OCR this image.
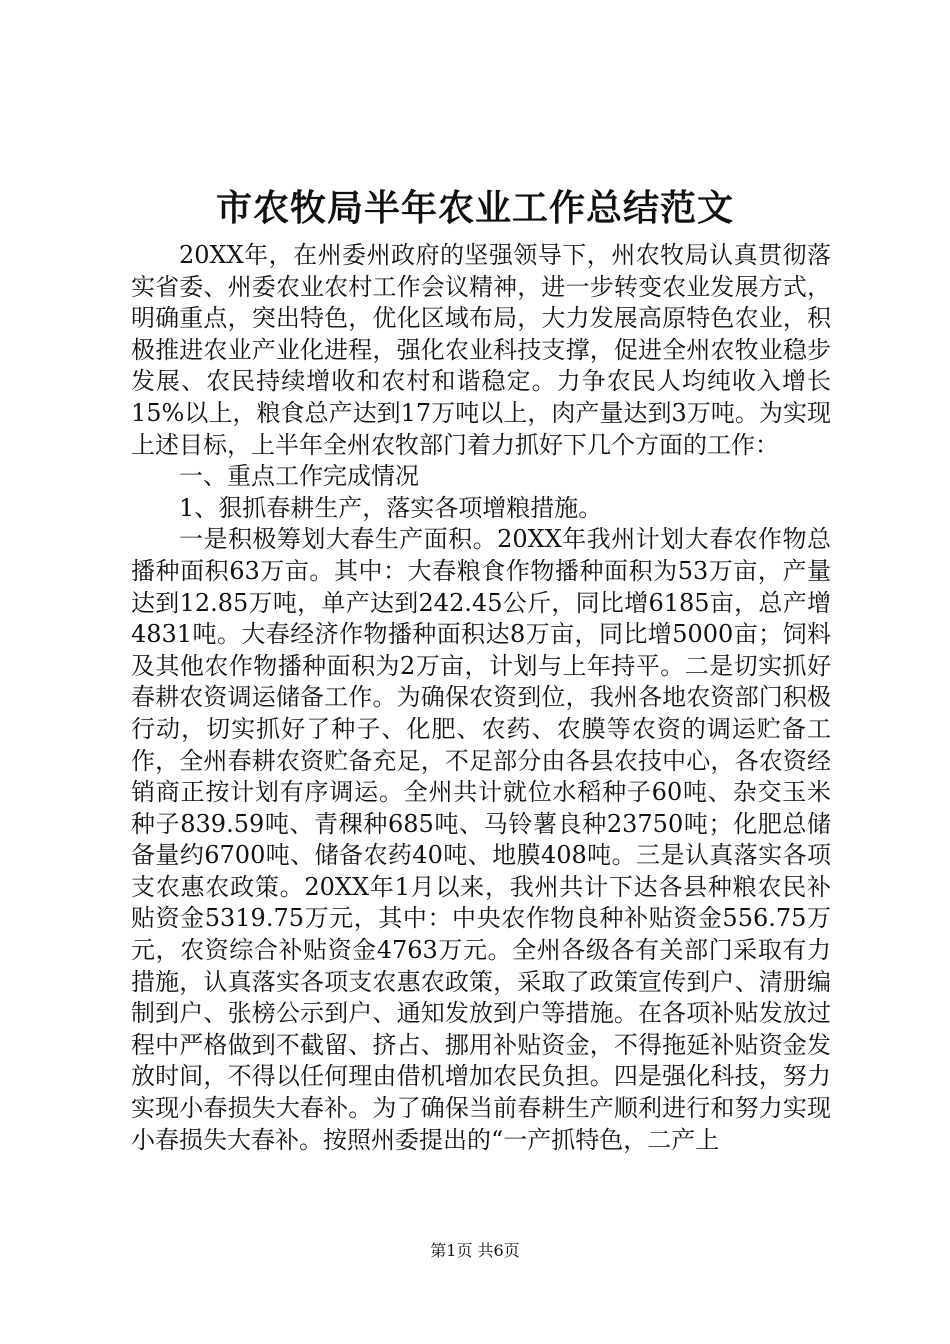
市农牧局半年农业工作总结范文

20XX年，在州委州政府的坚强领导下，州农牧局认真贯彻落实省委、州委农业农村工作会议精神，进一步转变农业发展方式，明确重点，突出特色，优化区域布局，大力发展高原特色农业，积极推进农业产业化进程，强化农业科技支撑，促进全州农牧业稳步发展、农民持续增收和农村和谐稳定。力争农民人均纯收入增长15%以上，粮食总产达到17万吨以上，肉产量达到3万吨。为实现上述目标，上半年全州农牧部门着力抓好下几个方面的工作：

一、重点工作完成情况

1、狠抓春耕生产，落实各项增粮措施。

一是积极筹划大春生产面积。20XX年我州计划大春农作物总播种面积63万亩。其中：大春粮食作物播种面积为53万亩，产量达到12.85万吨，单产达到242.45公斤，同比增6185亩，总产增4831吨。大春经济作物播种面积达8万亩，同比增5000亩；饲料及其他农作物播种面积为2万亩，计划与上年持平。二是切实抓好春耕农资调运储备工作。为确保农资到位，我州各地农资部门积极行动，切实抓好了种子、化肥、农药、农膜等农资的调运贮备工作，全州春耕农资贮备充足，不足部分由各县农技中心，各农资经销商正按计划有序调运。全州共计就位水稻种子60吨、杂交玉米种子839.59吨、青稞种685吨、马铃薯良种23750吨；化肥总储备量约6700吨、储备农药40吨、地膜408吨。三是认真落实各项支农惠农政策。20XX年1月以来，我州共计下达各县种粮农民补贴资金5319.75万元，其中：中央农作物良种补贴资金556.75万元，农资综合补贴资金4763万元。全州各级各有关部门采取有力措施，认真落实各项支农惠农政策，采取了政策宣传到户、清册编制到户、张榜公示到户、通知发放到户等措施。在各项补贴发放过程中严格做到不截留、挤占、挪用补贴资金，不得拖延补贴资金发放时间，不得以任何理由借机增加农民负担。四是强化科技，努力实现小春损失大春补。为了确保当前春耕生产顺利进行和努力实现小春损失大春补。按照州委提出的“一产抓特色，二产上

第1页 共6页
